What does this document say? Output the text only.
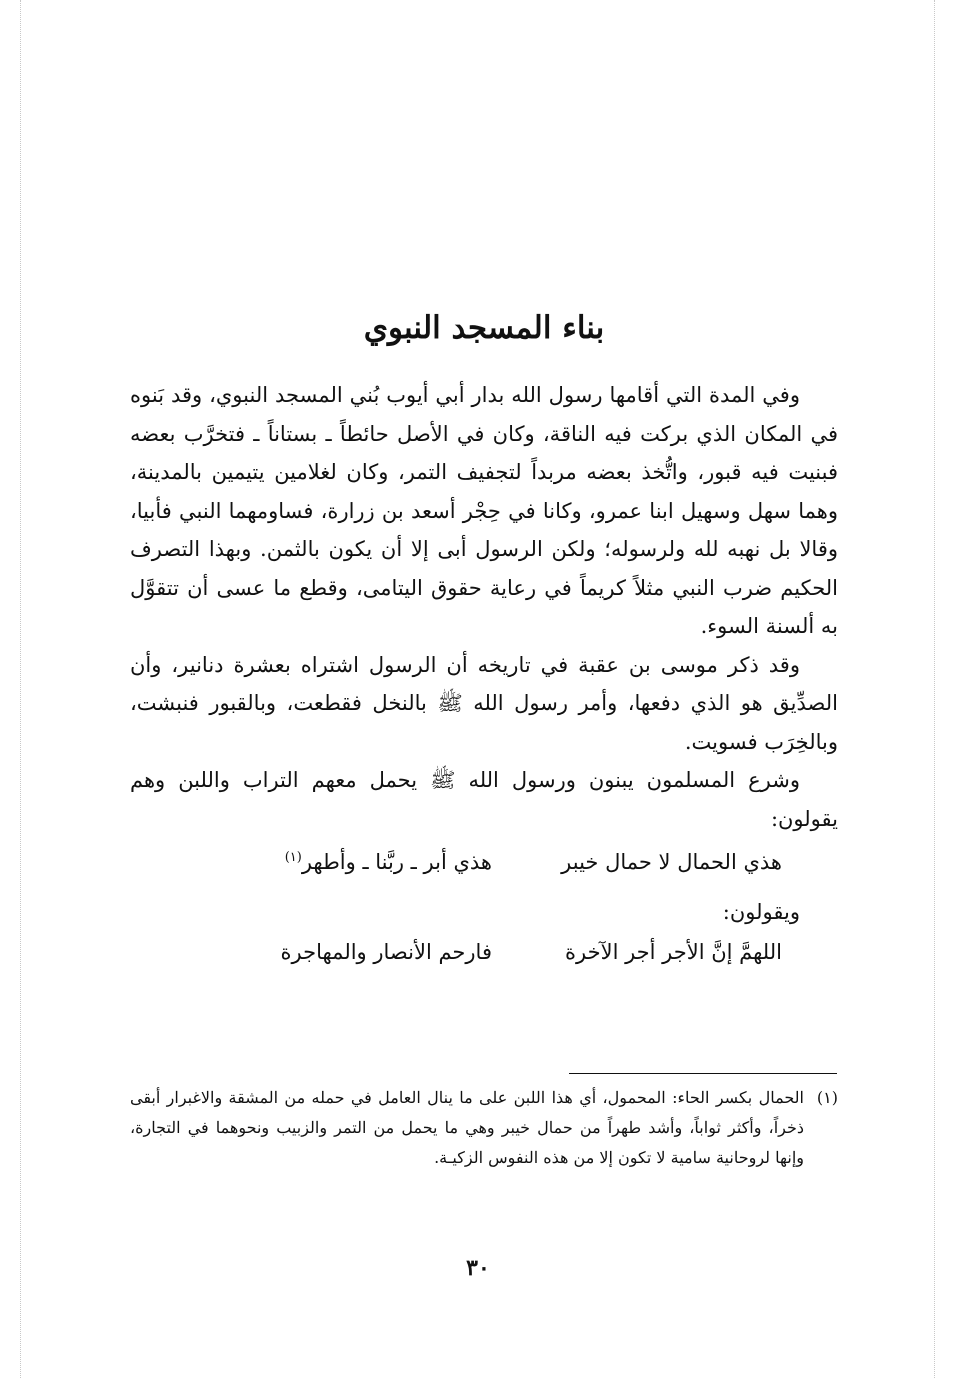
بناء المسجد النبوي

وفي المدة التي أقامها رسول الله بدار أبي أيوب بُني المسجد النبوي، وقد بَنوه في المكان الذي بركت فيه الناقة، وكان في الأصل حائطاً ـ بستاناً ـ فتخرَّب بعضه فبنيت فيه قبور، واتُّخذ بعضه مربداً لتجفيف التمر، وكان لغلامين يتيمين بالمدينة، وهما سهل وسهيل ابنا عمرو، وكانا في حِجْر أسعد بن زرارة، فساومهما النبي فأبيا، وقالا بل نهبه لله ولرسوله؛ ولكن الرسول أبى إلا أن يكون بالثمن. وبهذا التصرف الحكيم ضرب النبي مثلاً كريماً في رعاية حقوق اليتامى، وقطع ما عسى أن تتقوَّل به ألسنة السوء.

وقد ذكر موسى بن عقبة في تاريخه أن الرسول اشتراه بعشرة دنانير، وأن الصدِّيق هو الذي دفعها، وأمر رسول الله ﷺ بالنخل فقطعت، وبالقبور فنبشت، وبالخِرَب فسويت.

وشرع المسلمون يبنون ورسول الله ﷺ يحمل معهم التراب واللبن وهم يقولون:

هذي الحمال لا حمال خيبر
هذي أبر ـ ربَّنا ـ وأطهر$^{(١)}$
ويقولون:
اللهمَّ إنَّ الأجر أجر الآخرة
فارحم الأنصار والمهاجرة
(١)الحمال بكسر الحاء: المحمول، أي هذا اللبن على ما ينال العامل في حمله من المشقة والاغبرار أبقى ذخراً، وأكثر ثواباً، وأشد طهراً من حمال خيبر وهي ما يحمل من التمر والزبيب ونحوهما في التجارة، وإنها لروحانية سامية لا تكون إلا من هذه النفوس الزكيـة.
٣٠
